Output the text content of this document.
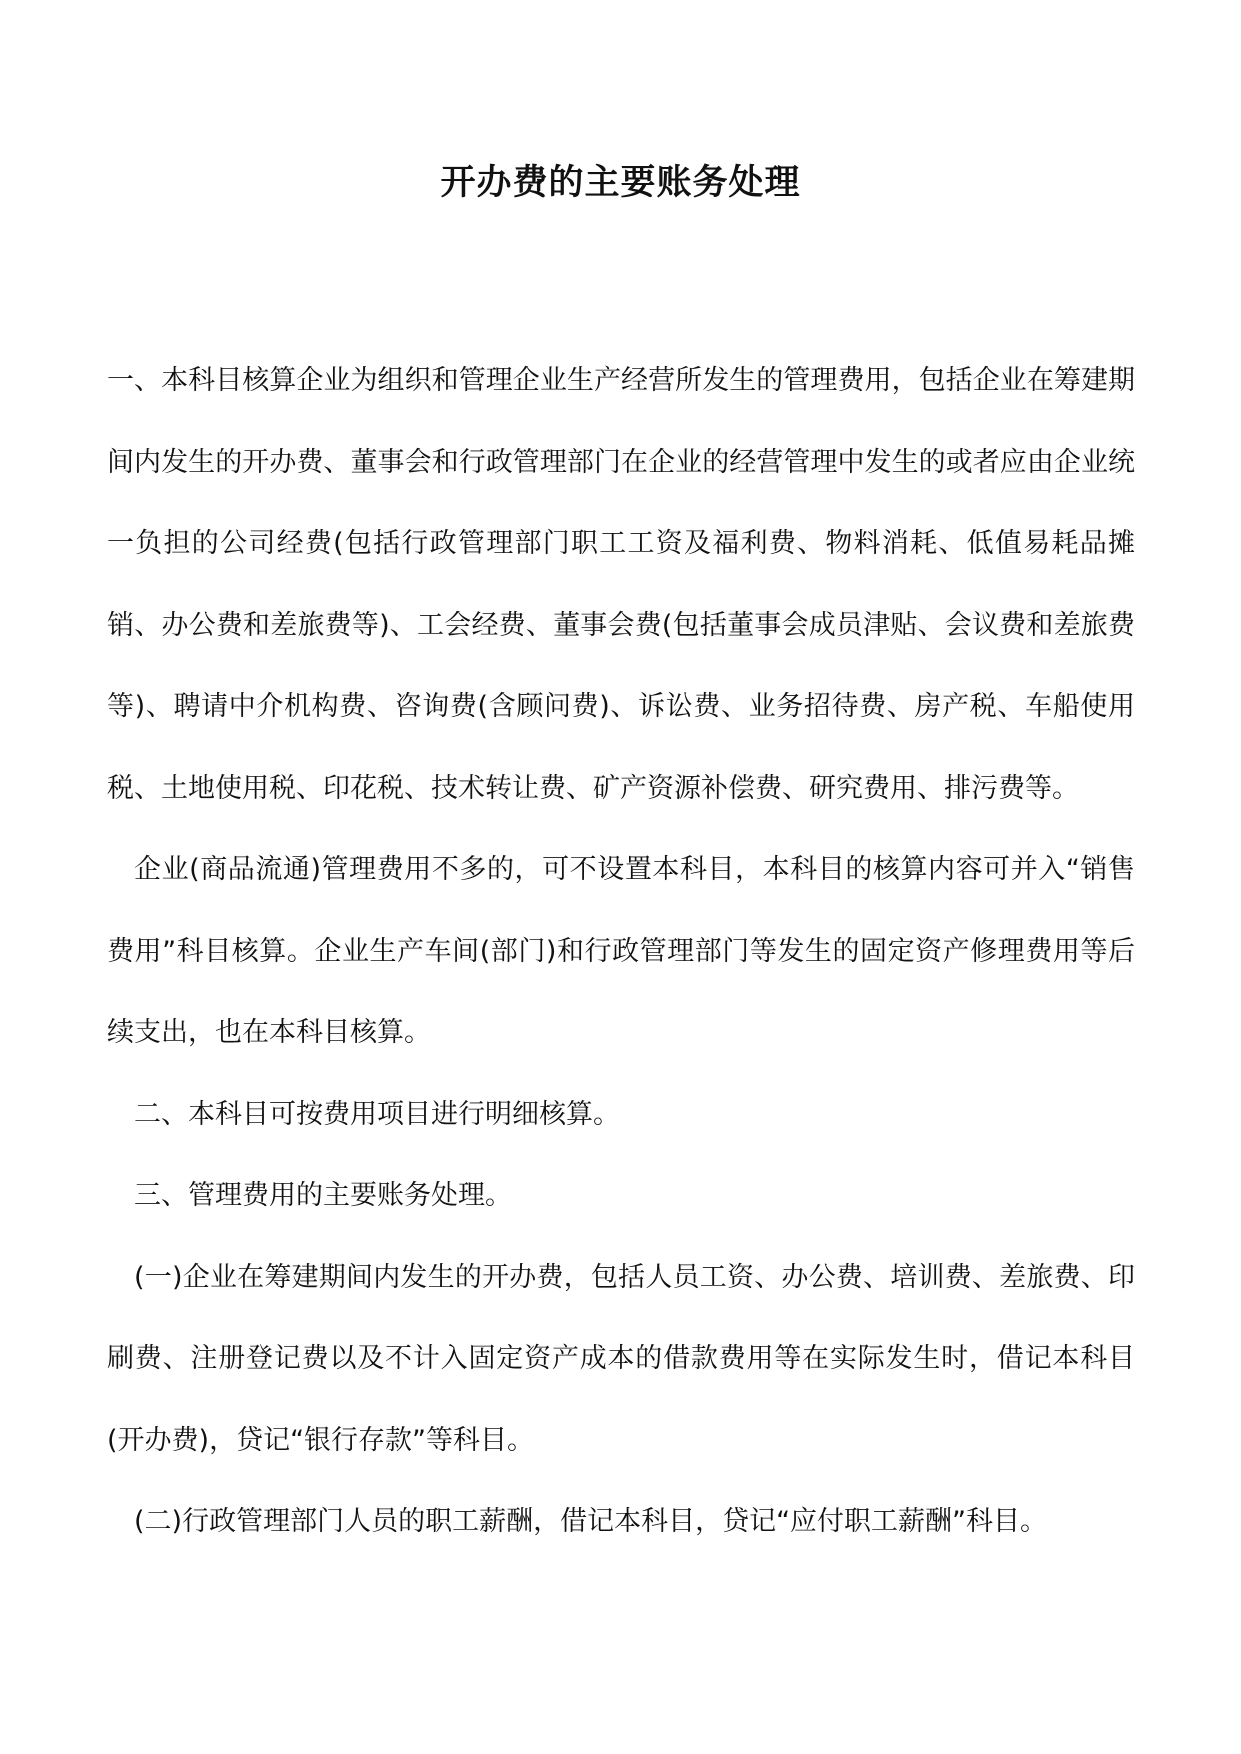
开办费的主要账务处理

一、本科目核算企业为组织和管理企业生产经营所发生的管理费用，包括企业在筹建期间内发生的开办费、董事会和行政管理部门在企业的经营管理中发生的或者应由企业统一负担的公司经费(包括行政管理部门职工工资及福利费、物料消耗、低值易耗品摊销、办公费和差旅费等)、工会经费、董事会费(包括董事会成员津贴、会议费和差旅费等)、聘请中介机构费、咨询费(含顾问费)、诉讼费、业务招待费、房产税、车船使用税、土地使用税、印花税、技术转让费、矿产资源补偿费、研究费用、排污费等。

企业(商品流通)管理费用不多的，可不设置本科目，本科目的核算内容可并入“销售费用”科目核算。企业生产车间(部门)和行政管理部门等发生的固定资产修理费用等后续支出，也在本科目核算。

二、本科目可按费用项目进行明细核算。

三、管理费用的主要账务处理。

(一)企业在筹建期间内发生的开办费，包括人员工资、办公费、培训费、差旅费、印刷费、注册登记费以及不计入固定资产成本的借款费用等在实际发生时，借记本科目(开办费)，贷记“银行存款”等科目。

(二)行政管理部门人员的职工薪酬，借记本科目，贷记“应付职工薪酬”科目。
